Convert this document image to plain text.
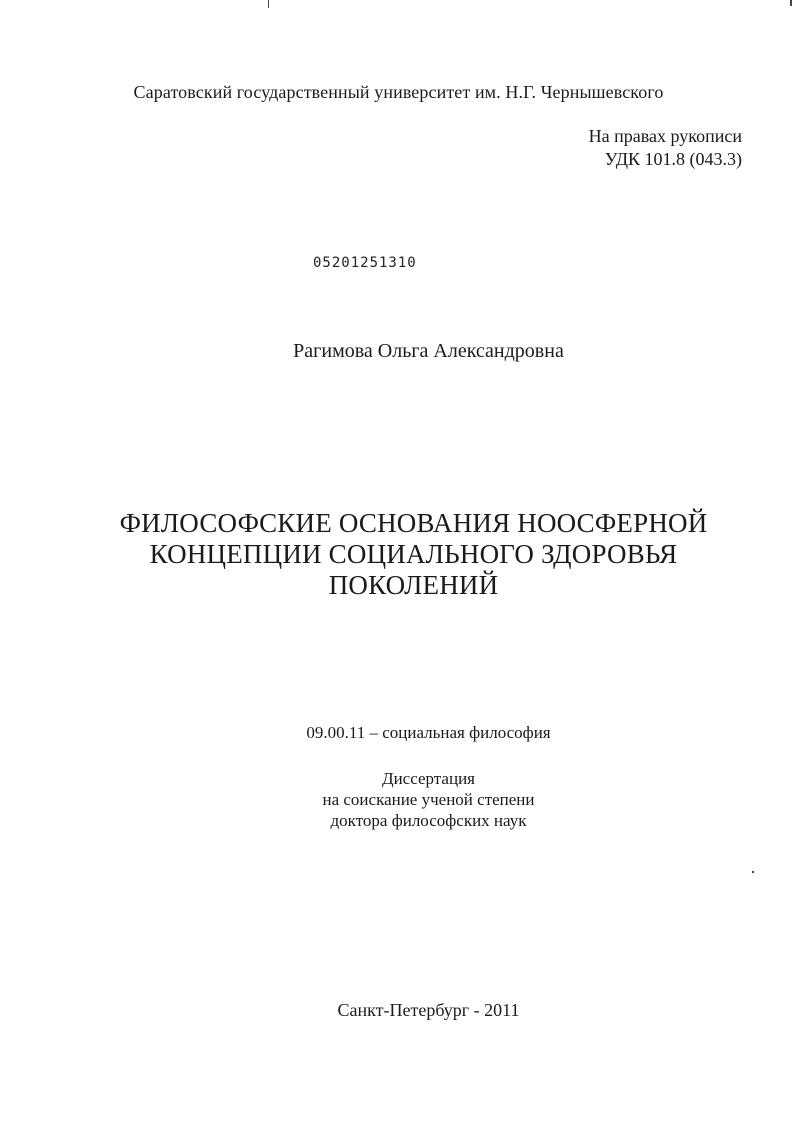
Саратовский государственный университет им. Н.Г. Чернышевского
На правах рукописи
УДК 101.8 (043.3)
05201251310
Рагимова Ольга Александровна
ФИЛОСОФСКИЕ ОСНОВАНИЯ НООСФЕРНОЙ
КОНЦЕПЦИИ СОЦИАЛЬНОГО ЗДОРОВЬЯ
ПОКОЛЕНИЙ
09.00.11 – социальная философия
Диссертация
на соискание ученой степени
доктора философских наук
Санкт-Петербург - 2011
